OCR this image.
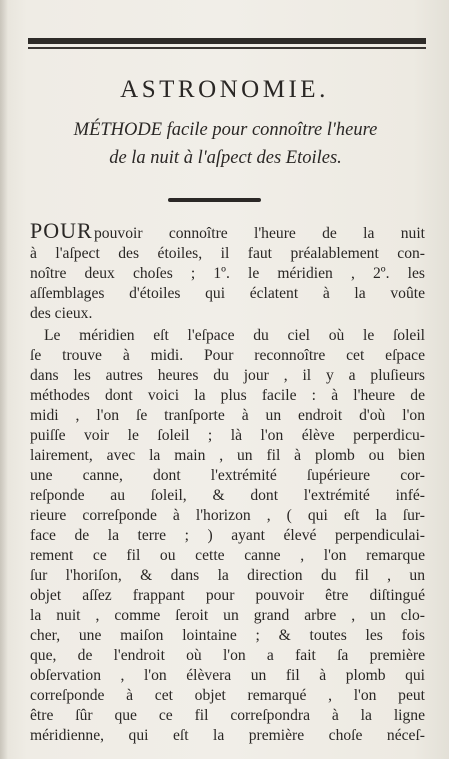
ASTRONOMIE.
MÉTHODE facile pour connoître l'heure
de la nuit à l'aſpect des Etoiles.
POUR pouvoir connoître l'heure de la nuit
à l'aſpect des étoiles, il faut préalablement con-
noître deux choſes ; 1º. le méridien , 2º. les
aſſemblages d'étoiles qui éclatent à la voûte
des cieux.
Le méridien eſt l'eſpace du ciel où le ſoleil
ſe trouve à midi. Pour reconnoître cet eſpace
dans les autres heures du jour , il y a pluſieurs
méthodes dont voici la plus facile : à l'heure de
midi , l'on ſe tranſporte à un endroit d'où l'on
puiſſe voir le ſoleil ; là l'on élève perperdicu-
lairement, avec la main , un fil à plomb ou bien
une canne, dont l'extrémité ſupérieure cor-
reſponde au ſoleil, & dont l'extrémité infé-
rieure correſponde à l'horizon , ( qui eſt la ſur-
face de la terre ; ) ayant élevé perpendiculai-
rement ce fil ou cette canne , l'on remarque
ſur l'horiſon, & dans la direction du fil , un
objet aſſez frappant pour pouvoir être diſtingué
la nuit , comme ſeroit un grand arbre , un clo-
cher, une maiſon lointaine ; & toutes les fois
que, de l'endroit où l'on a fait ſa première
obſervation , l'on élèvera un fil à plomb qui
correſponde à cet objet remarqué , l'on peut
être ſûr que ce fil correſpondra à la ligne
méridienne, qui eſt la première choſe néceſ-
